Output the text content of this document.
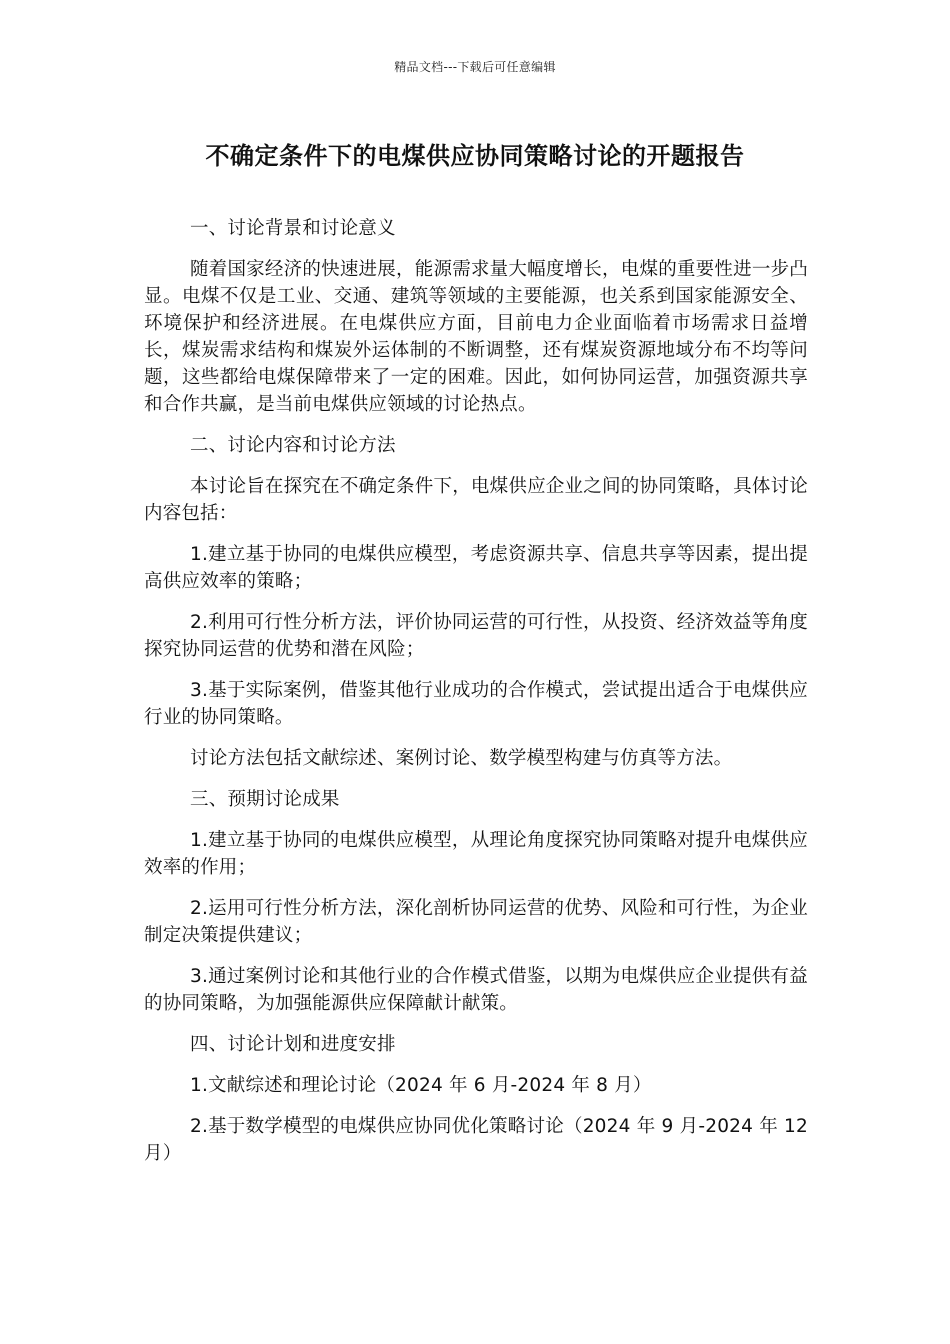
精品文档---下载后可任意编辑
不确定条件下的电煤供应协同策略讨论的开题报告

一、讨论背景和讨论意义

随着国家经济的快速进展，能源需求量大幅度增长，电煤的重要性进一步凸显。电煤不仅是工业、交通、建筑等领域的主要能源，也关系到国家能源安全、环境保护和经济进展。在电煤供应方面，目前电力企业面临着市场需求日益增长，煤炭需求结构和煤炭外运体制的不断调整，还有煤炭资源地域分布不均等问题，这些都给电煤保障带来了一定的困难。因此，如何协同运营，加强资源共享和合作共赢，是当前电煤供应领域的讨论热点。

二、讨论内容和讨论方法

本讨论旨在探究在不确定条件下，电煤供应企业之间的协同策略，具体讨论内容包括：

1.建立基于协同的电煤供应模型，考虑资源共享、信息共享等因素，提出提高供应效率的策略；

2.利用可行性分析方法，评价协同运营的可行性，从投资、经济效益等角度探究协同运营的优势和潜在风险；

3.基于实际案例，借鉴其他行业成功的合作模式，尝试提出适合于电煤供应行业的协同策略。

讨论方法包括文献综述、案例讨论、数学模型构建与仿真等方法。

三、预期讨论成果

1.建立基于协同的电煤供应模型，从理论角度探究协同策略对提升电煤供应效率的作用；

2.运用可行性分析方法，深化剖析协同运营的优势、风险和可行性，为企业制定决策提供建议；

3.通过案例讨论和其他行业的合作模式借鉴，以期为电煤供应企业提供有益的协同策略，为加强能源供应保障献计献策。

四、讨论计划和进度安排

1.文献综述和理论讨论（2024 年 6 月-2024 年 8 月）

2.基于数学模型的电煤供应协同优化策略讨论（2024 年 9 月-2024 年 12 月）
